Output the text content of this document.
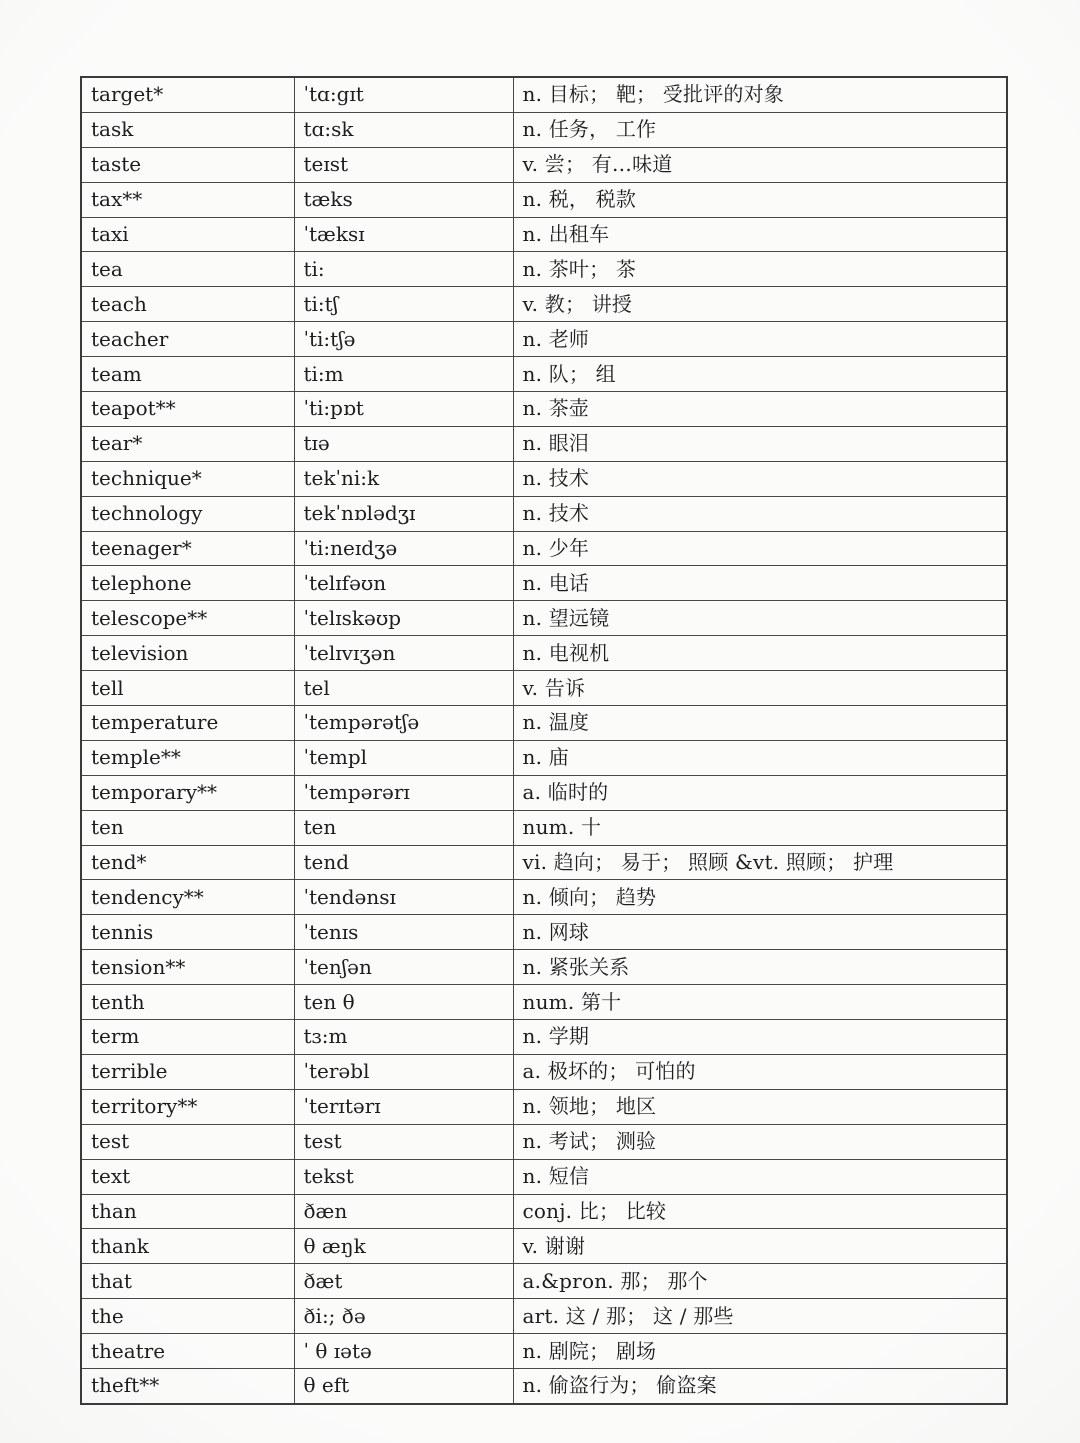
target*	ˈtɑ:gɪt	n. 目标； 靶； 受批评的对象
task	tɑ:sk	n. 任务， 工作
taste	teɪst	v. 尝； 有…味道
tax**	tæks	n. 税， 税款
taxi	ˈtæksɪ	n. 出租车
tea	ti:	n. 茶叶； 茶
teach	ti:tʃ	v. 教； 讲授
teacher	ˈti:tʃə	n. 老师
team	ti:m	n. 队； 组
teapot**	ˈti:pɒt	n. 茶壶
tear*	tɪə	n. 眼泪
technique*	tekˈni:k	n. 技术
technology	tekˈnɒlədʒɪ	n. 技术
teenager*	ˈti:neɪdʒə	n. 少年
telephone	ˈtelɪfəʊn	n. 电话
telescope**	ˈtelɪskəʊp	n. 望远镜
television	ˈtelɪvɪʒən	n. 电视机
tell	tel	v. 告诉
temperature	ˈtempərətʃə	n. 温度
temple**	ˈtempl	n. 庙
temporary**	ˈtempərərɪ	a. 临时的
ten	ten	num. 十
tend*	tend	vi. 趋向； 易于； 照顾 &vt. 照顾； 护理
tendency**	ˈtendənsɪ	n. 倾向； 趋势
tennis	ˈtenɪs	n. 网球
tension**	ˈtenʃən	n. 紧张关系
tenth	ten θ	num. 第十
term	tɜ:m	n. 学期
terrible	ˈterəbl	a. 极坏的； 可怕的
territory**	ˈterɪtərɪ	n. 领地； 地区
test	test	n. 考试； 测验
text	tekst	n. 短信
than	ðæn	conj. 比； 比较
thank	θ æŋk	v. 谢谢
that	ðæt	a.&pron. 那； 那个
the	ði:; ðə	art. 这 / 那； 这 / 那些
theatre	ˈ θ ɪətə	n. 剧院； 剧场
theft**	θ eft	n. 偷盗行为； 偷盗案
